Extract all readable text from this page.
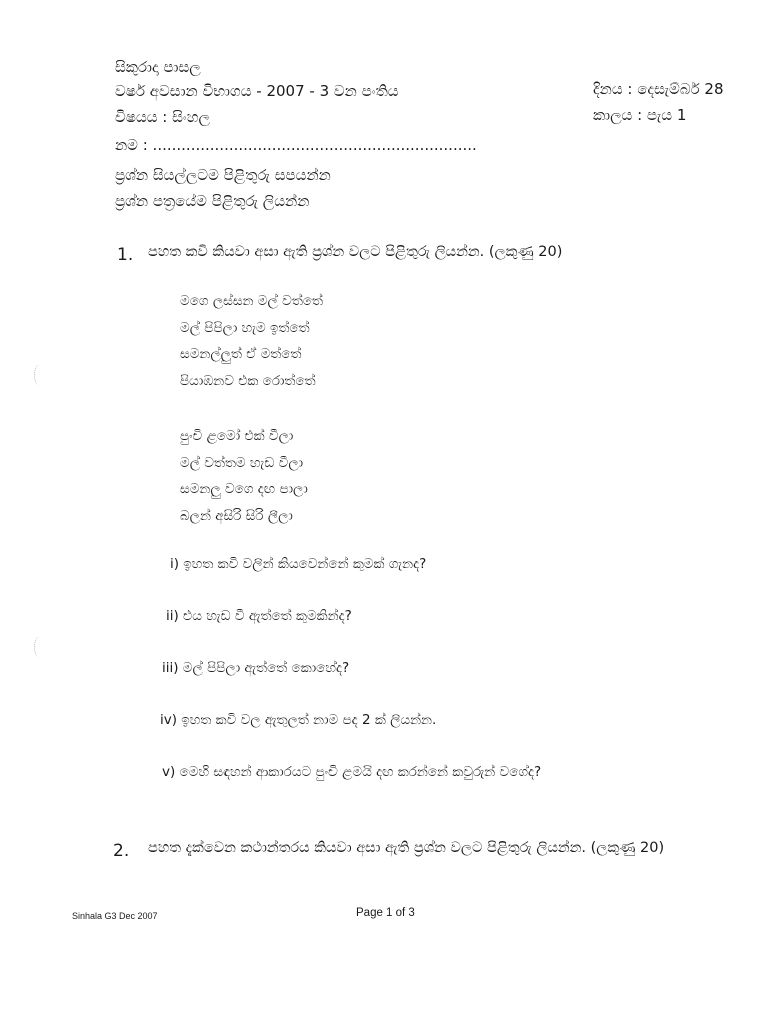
සිකුරාදා පාසල
වර්ෂ අවසාන විභාගය - 2007 - 3 වන පංතිය	දිනය : දෙසැම්බර් 28
විෂයය : සිංහල	කාලය : පැය 1
නම : ....................................................................
ප්‍රශ්න සියල්ලටම පිළිතුරු සපයන්න
ප්‍රශ්න පත්‍රයේම පිළිතුරු ලියන්න
1. පහත කවි කියවා අසා ඇති ප්‍රශ්න වලට පිළිතුරු ලියන්න. (ලකුණු 20)
මගෙ ලස්සන මල් වත්තේ
මල් පිපිලා හැම ඉත්තේ
සමනල්ලුත් ඒ මත්තේ
පියාඹනව එක රොත්තේ
පුංචි ළමෝ එක් වීලා
මල් වත්තම හැඩ වීලා
සමනලු වගෙ දඟ පාලා
බලන් අසිරි සිරි ලීලා
i) ඉහත කවි වලින් කියවෙන්නේ කුමක් ගැනද?
ii) එය හැඩ වී ඇත්තේ කුමකින්ද?
iii) මල් පිපිලා ඇත්තේ කොහේද?
iv) ඉහත කවි වල ඇතුලත් නාම පද 2 ක් ලියන්න.
v) මෙහි සඳහන් ආකාරයට පුංචි ළමයි දඟ කරන්නේ කවුරුන් වගේද?
2. පහත දැක්වෙන කථාන්තරය කියවා අසා ඇති ප්‍රශ්න වලට පිළිතුරු ලියන්න. (ලකුණු 20)
Sinhala G3 Dec 2007	Page 1 of 3
